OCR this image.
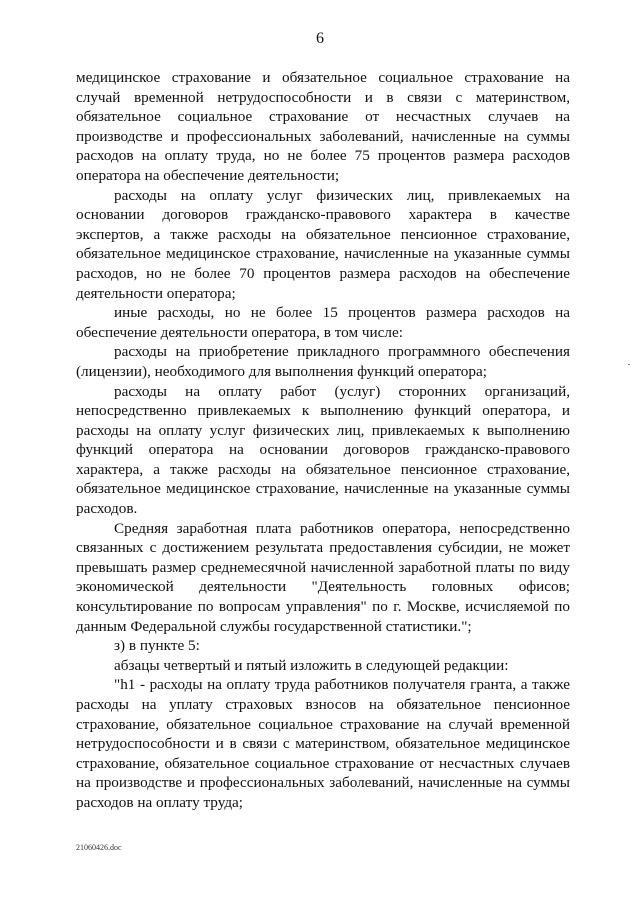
6

медицинское страхование и обязательное социальное страхование на случай временной нетрудоспособности и в связи с материнством, обязательное социальное страхование от несчастных случаев на производстве и профессиональных заболеваний, начисленные на суммы расходов на оплату труда, но не более 75 процентов размера расходов оператора на обеспечение деятельности;

расходы на оплату услуг физических лиц, привлекаемых на основании договоров гражданско-правового характера в качестве экспертов, а также расходы на обязательное пенсионное страхование, обязательное медицинское страхование, начисленные на указанные суммы расходов, но не более 70 процентов размера расходов на обеспечение деятельности оператора;

иные расходы, но не более 15 процентов размера расходов на обеспечение деятельности оператора, в том числе:

расходы на приобретение прикладного программного обеспечения (лицензии), необходимого для выполнения функций оператора;

расходы на оплату работ (услуг) сторонних организаций, непосредственно привлекаемых к выполнению функций оператора, и расходы на оплату услуг физических лиц, привлекаемых к выполнению функций оператора на основании договоров гражданско-правового характера, а также расходы на обязательное пенсионное страхование, обязательное медицинское страхование, начисленные на указанные суммы расходов.

Средняя заработная плата работников оператора, непосредственно связанных с достижением результата предоставления субсидии, не может превышать размер среднемесячной начисленной заработной платы по виду экономической деятельности "Деятельность головных офисов; консультирование по вопросам управления" по г. Москве, исчисляемой по данным Федеральной службы государственной статистики.";

з) в пункте 5:

абзацы четвертый и пятый изложить в следующей редакции:

"h1 - расходы на оплату труда работников получателя гранта, а также расходы на уплату страховых взносов на обязательное пенсионное страхование, обязательное социальное страхование на случай временной нетрудоспособности и в связи с материнством, обязательное медицинское страхование, обязательное социальное страхование от несчастных случаев на производстве и профессиональных заболеваний, начисленные на суммы расходов на оплату труда;

21060426.doc
